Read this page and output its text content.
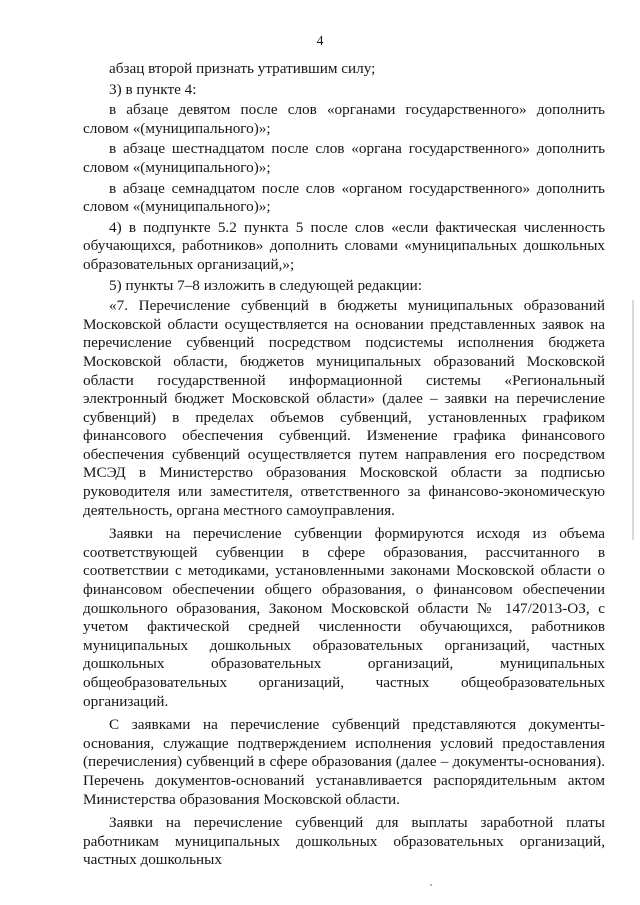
4

абзац второй признать утратившим силу;

3) в пункте 4:

в абзаце девятом после слов «органами государственного» дополнить словом «(муниципального)»;

в абзаце шестнадцатом после слов «органа государственного» дополнить словом «(муниципального)»;

в абзаце семнадцатом после слов «органом государственного» дополнить словом «(муниципального)»;

4) в подпункте 5.2 пункта 5 после слов «если фактическая численность обучающихся, работников» дополнить словами «муниципальных дошкольных образовательных организаций,»;

5) пункты 7–8 изложить в следующей редакции:

«7. Перечисление субвенций в бюджеты муниципальных образований Московской области осуществляется на основании представленных заявок на перечисление субвенций посредством подсистемы исполнения бюджета Московской области, бюджетов муниципальных образований Московской области государственной информационной системы «Региональный электронный бюджет Московской области» (далее – заявки на перечисление субвенций) в пределах объемов субвенций, установленных графиком финансового обеспечения субвенций. Изменение графика финансового обеспечения субвенций осуществляется путем направления его посредством МСЭД в Министерство образования Московской области за подписью руководителя или заместителя, ответственного за финансово-экономическую деятельность, органа местного самоуправления.

Заявки на перечисление субвенции формируются исходя из объема соответствующей субвенции в сфере образования, рассчитанного в соответствии с методиками, установленными законами Московской области о финансовом обеспечении общего образования, о финансовом обеспечении дошкольного образования, Законом Московской области № 147/2013-ОЗ, с учетом фактической средней численности обучающихся, работников муниципальных дошкольных образовательных организаций, частных дошкольных образовательных организаций, муниципальных общеобразовательных организаций, частных общеобразовательных организаций.

С заявками на перечисление субвенций представляются документы-основания, служащие подтверждением исполнения условий предоставления (перечисления) субвенций в сфере образования (далее – документы-основания). Перечень документов-оснований устанавливается распорядительным актом Министерства образования Московской области.

Заявки на перечисление субвенций для выплаты заработной платы работникам муниципальных дошкольных образовательных организаций, частных дошкольных
